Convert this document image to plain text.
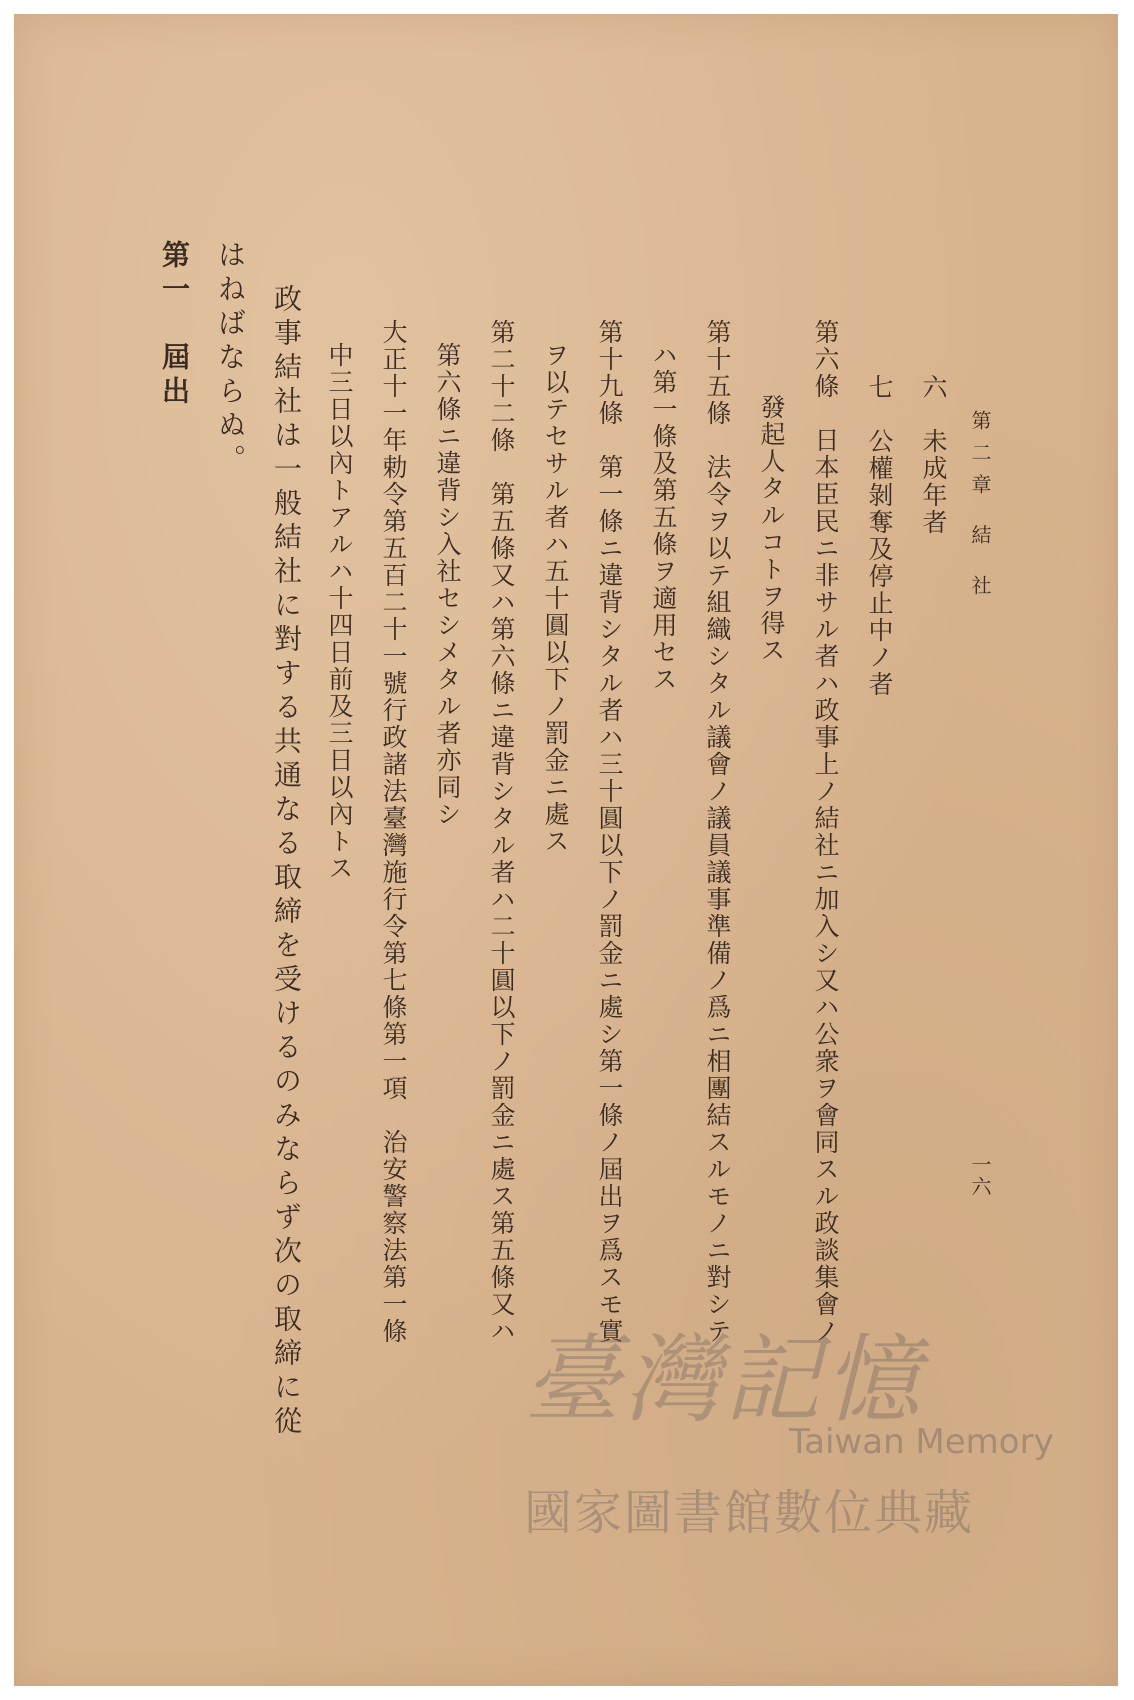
第二章 結 社
一六
六　未成年者
七　公權剝奪及停止中ノ者
第六條　日本臣民ニ非サル者ハ政事上ノ結社ニ加入シ又ハ公衆ヲ會同スル政談集會ノ
發起人タルコトヲ得ス
第十五條　法令ヲ以テ組織シタル議會ノ議員議事準備ノ爲ニ相團結スルモノニ對シテ
ハ第一條及第五條ヲ適用セス
第十九條　第一條ニ違背シタル者ハ三十圓以下ノ罰金ニ處シ第一條ノ屆出ヲ爲スモ實
ヲ以テセサル者ハ五十圓以下ノ罰金ニ處ス
第二十二條　第五條又ハ第六條ニ違背シタル者ハ二十圓以下ノ罰金ニ處ス第五條又ハ
第六條ニ違背シ入社セシメタル者亦同シ
大正十一年勅令第五百二十一號行政諸法臺灣施行令第七條第一項　治安警察法第一條
中三日以內トアルハ十四日前及三日以內トス
政事結社は一般結社に對する共通なる取締を受けるのみならず次の取締に從
はねばならぬ。
第一　屆出
臺灣記憶
Taiwan Memory
國家圖書館數位典藏
